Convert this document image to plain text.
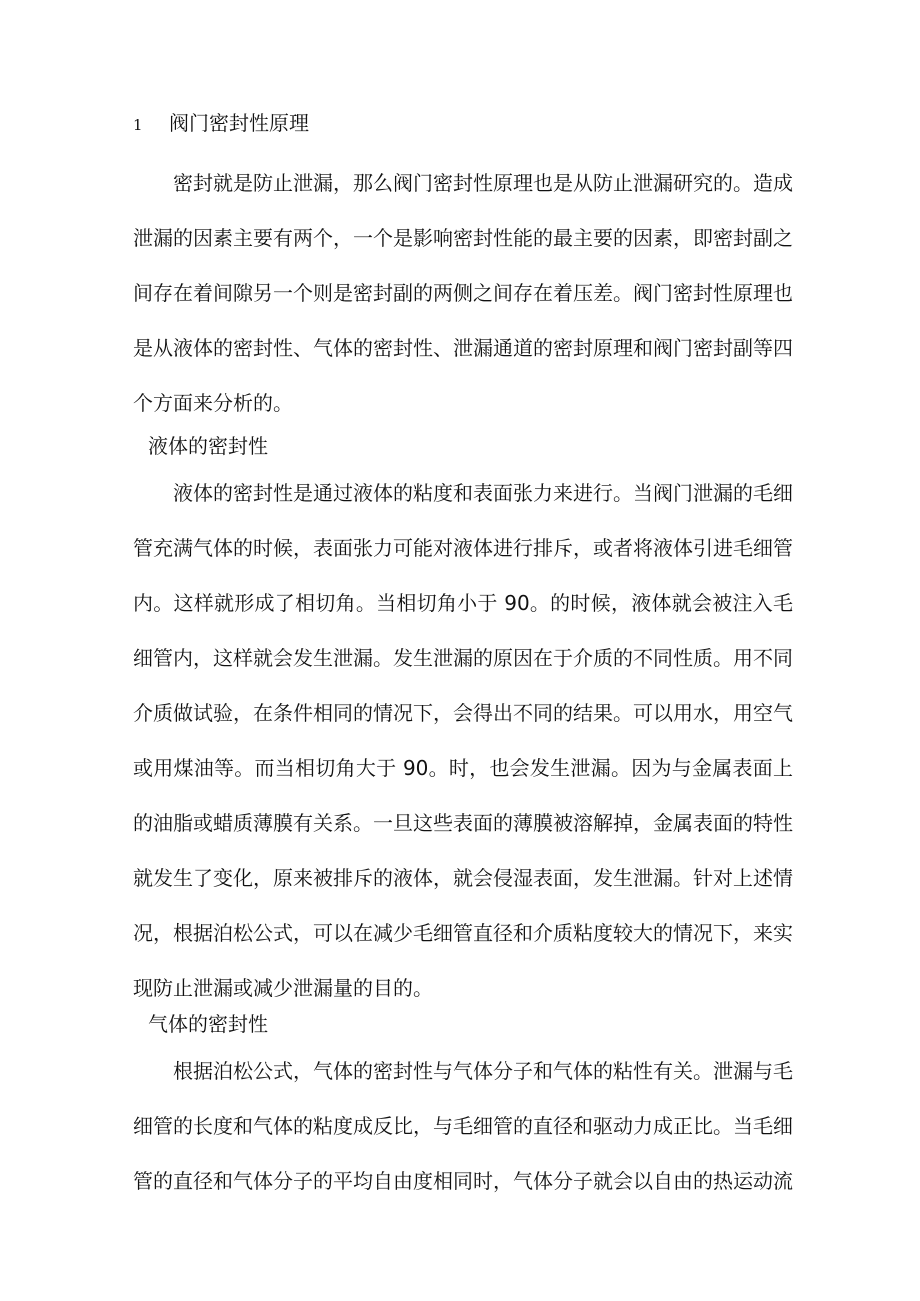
1 阀门密封性原理
密封就是防止泄漏，那么阀门密封性原理也是从防止泄漏研究的。造成
泄漏的因素主要有两个，一个是影响密封性能的最主要的因素，即密封副之
间存在着间隙另一个则是密封副的两侧之间存在着压差。阀门密封性原理也
是从液体的密封性、气体的密封性、泄漏通道的密封原理和阀门密封副等四
个方面来分析的。
液体的密封性
液体的密封性是通过液体的粘度和表面张力来进行。当阀门泄漏的毛细
管充满气体的时候，表面张力可能对液体进行排斥，或者将液体引进毛细管
内。这样就形成了相切角。当相切角小于 90。的时候，液体就会被注入毛
细管内，这样就会发生泄漏。发生泄漏的原因在于介质的不同性质。用不同
介质做试验，在条件相同的情况下，会得出不同的结果。可以用水，用空气
或用煤油等。而当相切角大于 90。时，也会发生泄漏。因为与金属表面上
的油脂或蜡质薄膜有关系。一旦这些表面的薄膜被溶解掉，金属表面的特性
就发生了变化，原来被排斥的液体，就会侵湿表面，发生泄漏。针对上述情
况，根据泊松公式，可以在减少毛细管直径和介质粘度较大的情况下，来实
现防止泄漏或减少泄漏量的目的。
气体的密封性
根据泊松公式，气体的密封性与气体分子和气体的粘性有关。泄漏与毛
细管的长度和气体的粘度成反比，与毛细管的直径和驱动力成正比。当毛细
管的直径和气体分子的平均自由度相同时，气体分子就会以自由的热运动流
